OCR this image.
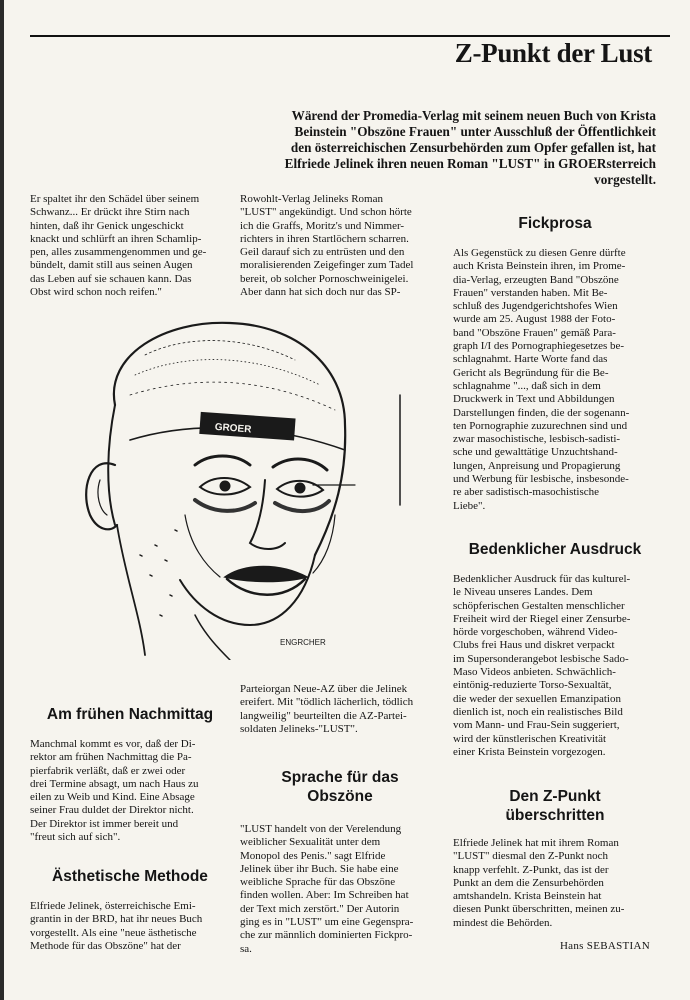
Z-Punkt der Lust
Wärend der Promedia-Verlag mit seinem neuen Buch von Krista
Beinstein "Obszöne Frauen" unter Ausschluß der Öffentlichkeit
den österreichischen Zensurbehörden zum Opfer gefallen ist, hat
Elfriede Jelinek ihren neuen Roman "LUST" in GROERsterreich
vorgestellt.

Er spaltet ihr den Schädel über seinem

Schwanz... Er drückt ihre Stirn nach

hinten, daß ihr Genick ungeschickt

knackt und schlürft an ihren Schamlip-

pen, alles zusammengenommen und ge-

bündelt, damit still aus seinen Augen

das Leben auf sie schauen kann. Das

Obst wird schon noch reifen."

Rowohlt-Verlag Jelineks Roman

"LUST" angekündigt. Und schon hörte

ich die Graffs, Moritz's und Nimmer-

richters in ihren Startlöchern scharren.

Geil darauf sich zu entrüsten und den

moralisierenden Zeigefinger zum Tadel

bereit, ob solcher Pornoschweinigelei.

Aber dann hat sich doch nur das SP-

GROER
ENGRCHER

Parteiorgan Neue-AZ über die Jelinek

ereifert. Mit "tödlich lächerlich, tödlich

langweilig" beurteilten die AZ-Partei-

soldaten Jelineks-"LUST".

Fickprosa

Als Gegenstück zu diesen Genre dürfte

auch Krista Beinstein ihren, im Prome-

dia-Verlag, erzeugten Band "Obszöne

Frauen" verstanden haben. Mit Be-

schluß des Jugendgerichtshofes Wien

wurde am 25. August 1988 der Foto-

band "Obszöne Frauen" gemäß Para-

graph I/I des Pornographiegesetzes be-

schlagnahmt. Harte Worte fand das

Gericht als Begründung für die Be-

schlagnahme "..., daß sich in dem

Druckwerk in Text und Abbildungen

Darstellungen finden, die der sogenann-

ten Pornographie zuzurechnen sind und

zwar masochistische, lesbisch-sadisti-

sche und gewalttätige Unzuchtshand-

lungen, Anpreisung und Propagierung

und Werbung für lesbische, insbesonde-

re aber sadistisch-masochistische

Liebe".

Bedenklicher Ausdruck

Bedenklicher Ausdruck für das kulturel-

le Niveau unseres Landes. Dem

schöpferischen Gestalten menschlicher

Freiheit wird der Riegel einer Zensurbe-

hörde vorgeschoben, während Video-

Clubs frei Haus und diskret verpackt

im Supersonderangebot lesbische Sado-

Maso Videos anbieten. Schwächlich-

eintönig-reduzierte Torso-Sexualtät,

die weder der sexuellen Emanzipation

dienlich ist, noch ein realistisches Bild

vom Mann- und Frau-Sein suggeriert,

wird der künstlerischen Kreativität

einer Krista Beinstein vorgezogen.

Am frühen Nachmittag

Manchmal kommt es vor, daß der Di-

rektor am frühen Nachmittag die Pa-

pierfabrik verläßt, daß er zwei oder

drei Termine absagt, um nach Haus zu

eilen zu Weib und Kind. Eine Absage

seiner Frau duldet der Direktor nicht.

Der Direktor ist immer bereit und

"freut sich auf sich".

Ästhetische Methode

Elfriede Jelinek, österreichische Emi-

grantin in der BRD, hat ihr neues Buch

vorgestellt. Als eine "neue ästhetische

Methode für das Obszöne" hat der

Sprache für das
Obszöne

"LUST handelt von der Verelendung

weiblicher Sexualität unter dem

Monopol des Penis." sagt Elfride

Jelinek über ihr Buch. Sie habe eine

weibliche Sprache für das Obszöne

finden wollen. Aber: Im Schreiben hat

der Text mich zerstört." Der Autorin

ging es in "LUST" um eine Gegenspra-

che zur männlich dominierten Fickpro-

sa.

Den Z-Punkt
überschritten

Elfriede Jelinek hat mit ihrem Roman

"LUST" diesmal den Z-Punkt noch

knapp verfehlt. Z-Punkt, das ist der

Punkt an dem die Zensurbehörden

amtshandeln. Krista Beinstein hat

diesen Punkt überschritten, meinen zu-

mindest die Behörden.

Hans SEBASTIAN
